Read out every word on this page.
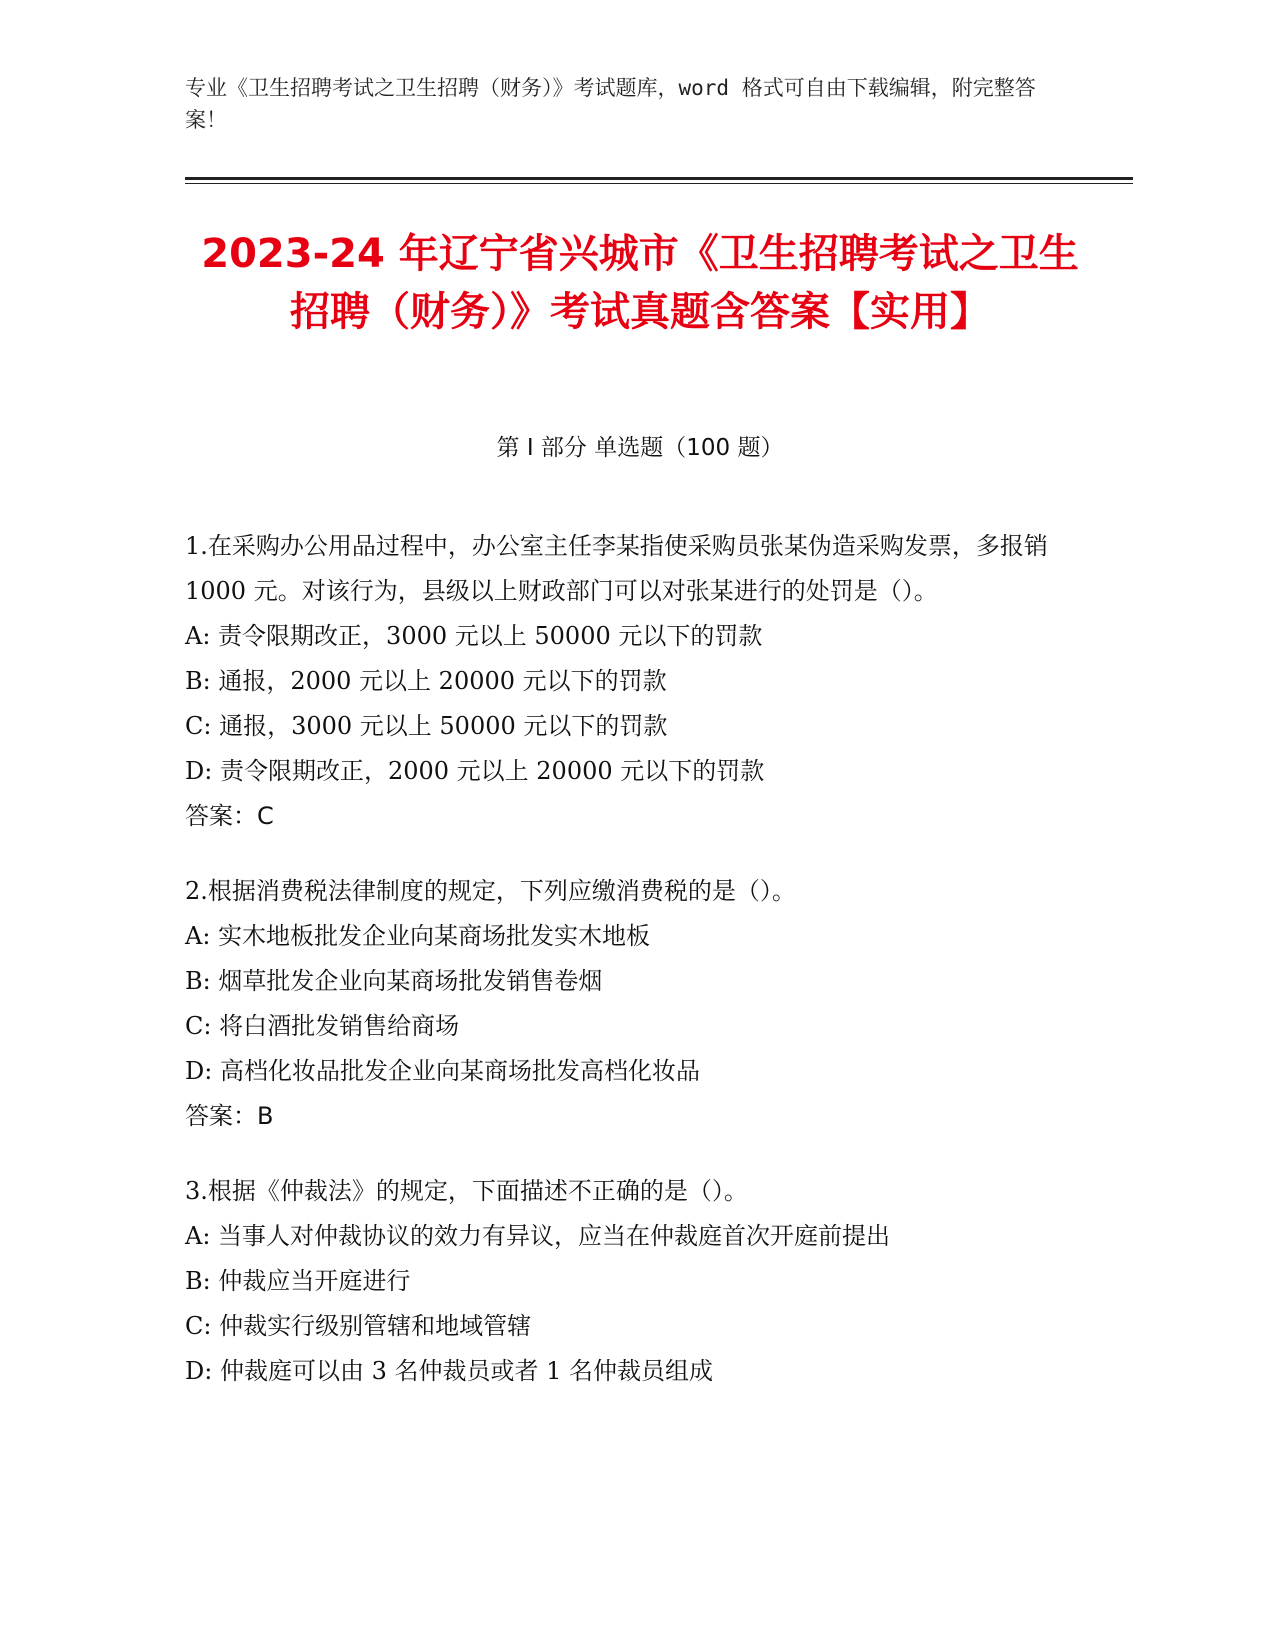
专业《卫生招聘考试之卫生招聘（财务）》考试题库，word 格式可自由下载编辑，附完整答案！
2023-24 年辽宁省兴城市《卫生招聘考试之卫生招聘（财务）》考试真题含答案【实用】
第 I 部分 单选题（100 题）
1.在采购办公用品过程中，办公室主任李某指使采购员张某伪造采购发票，多报销 1000 元。对该行为，县级以上财政部门可以对张某进行的处罚是（）。
A: 责令限期改正，3000 元以上 50000 元以下的罚款
B: 通报，2000 元以上 20000 元以下的罚款
C: 通报，3000 元以上 50000 元以下的罚款
D: 责令限期改正，2000 元以上 20000 元以下的罚款
答案：C
2.根据消费税法律制度的规定，下列应缴消费税的是（）。
A: 实木地板批发企业向某商场批发实木地板
B: 烟草批发企业向某商场批发销售卷烟
C: 将白酒批发销售给商场
D: 高档化妆品批发企业向某商场批发高档化妆品
答案：B
3.根据《仲裁法》的规定，下面描述不正确的是（）。
A: 当事人对仲裁协议的效力有异议，应当在仲裁庭首次开庭前提出
B: 仲裁应当开庭进行
C: 仲裁实行级别管辖和地域管辖
D: 仲裁庭可以由 3 名仲裁员或者 1 名仲裁员组成
